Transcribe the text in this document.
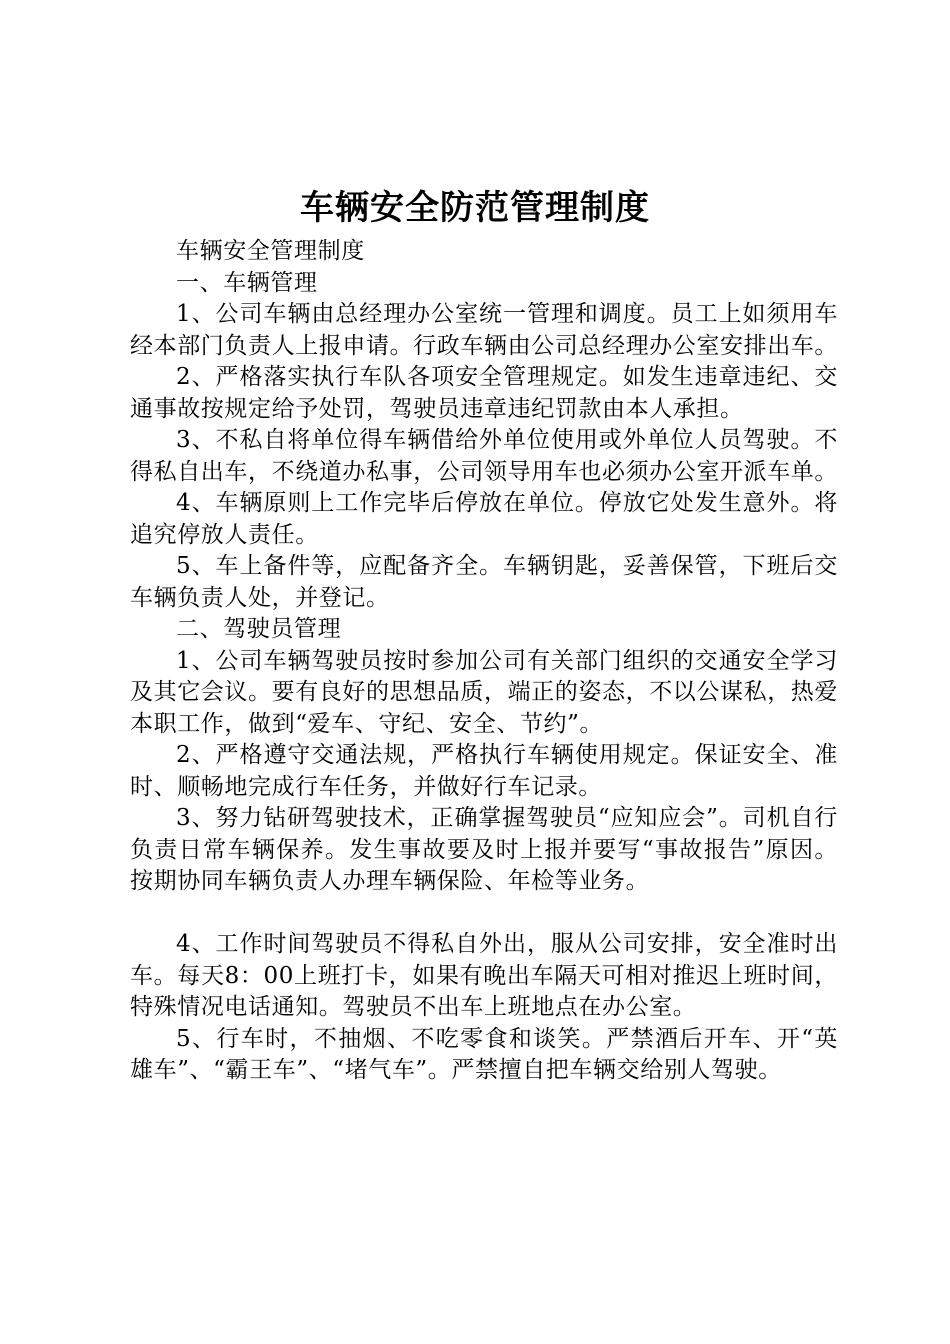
车辆安全防范管理制度

车辆安全管理制度

一、车辆管理

1、公司车辆由总经理办公室统一管理和调度。员工上如须用车经本部门负责人上报申请。行政车辆由公司总经理办公室安排出车。

2、严格落实执行车队各项安全管理规定。如发生违章违纪、交通事故按规定给予处罚，驾驶员违章违纪罚款由本人承担。

3、不私自将单位得车辆借给外单位使用或外单位人员驾驶。不得私自出车，不绕道办私事，公司领导用车也必须办公室开派车单。

4、车辆原则上工作完毕后停放在单位。停放它处发生意外。将追究停放人责任。

5、车上备件等，应配备齐全。车辆钥匙，妥善保管，下班后交车辆负责人处，并登记。

二、驾驶员管理

1、公司车辆驾驶员按时参加公司有关部门组织的交通安全学习及其它会议。要有良好的思想品质，端正的姿态，不以公谋私，热爱本职工作，做到“爱车、守纪、安全、节约”。

2、严格遵守交通法规，严格执行车辆使用规定。保证安全、准时、顺畅地完成行车任务，并做好行车记录。

3、努力钻研驾驶技术，正确掌握驾驶员“应知应会”。司机自行负责日常车辆保养。发生事故要及时上报并要写“事故报告”原因。按期协同车辆负责人办理车辆保险、年检等业务。

4、工作时间驾驶员不得私自外出，服从公司安排，安全准时出车。每天8：00上班打卡，如果有晚出车隔天可相对推迟上班时间，特殊情况电话通知。驾驶员不出车上班地点在办公室。

5、行车时，不抽烟、不吃零食和谈笑。严禁酒后开车、开“英雄车”、“霸王车”、“堵气车”。严禁擅自把车辆交给别人驾驶。
